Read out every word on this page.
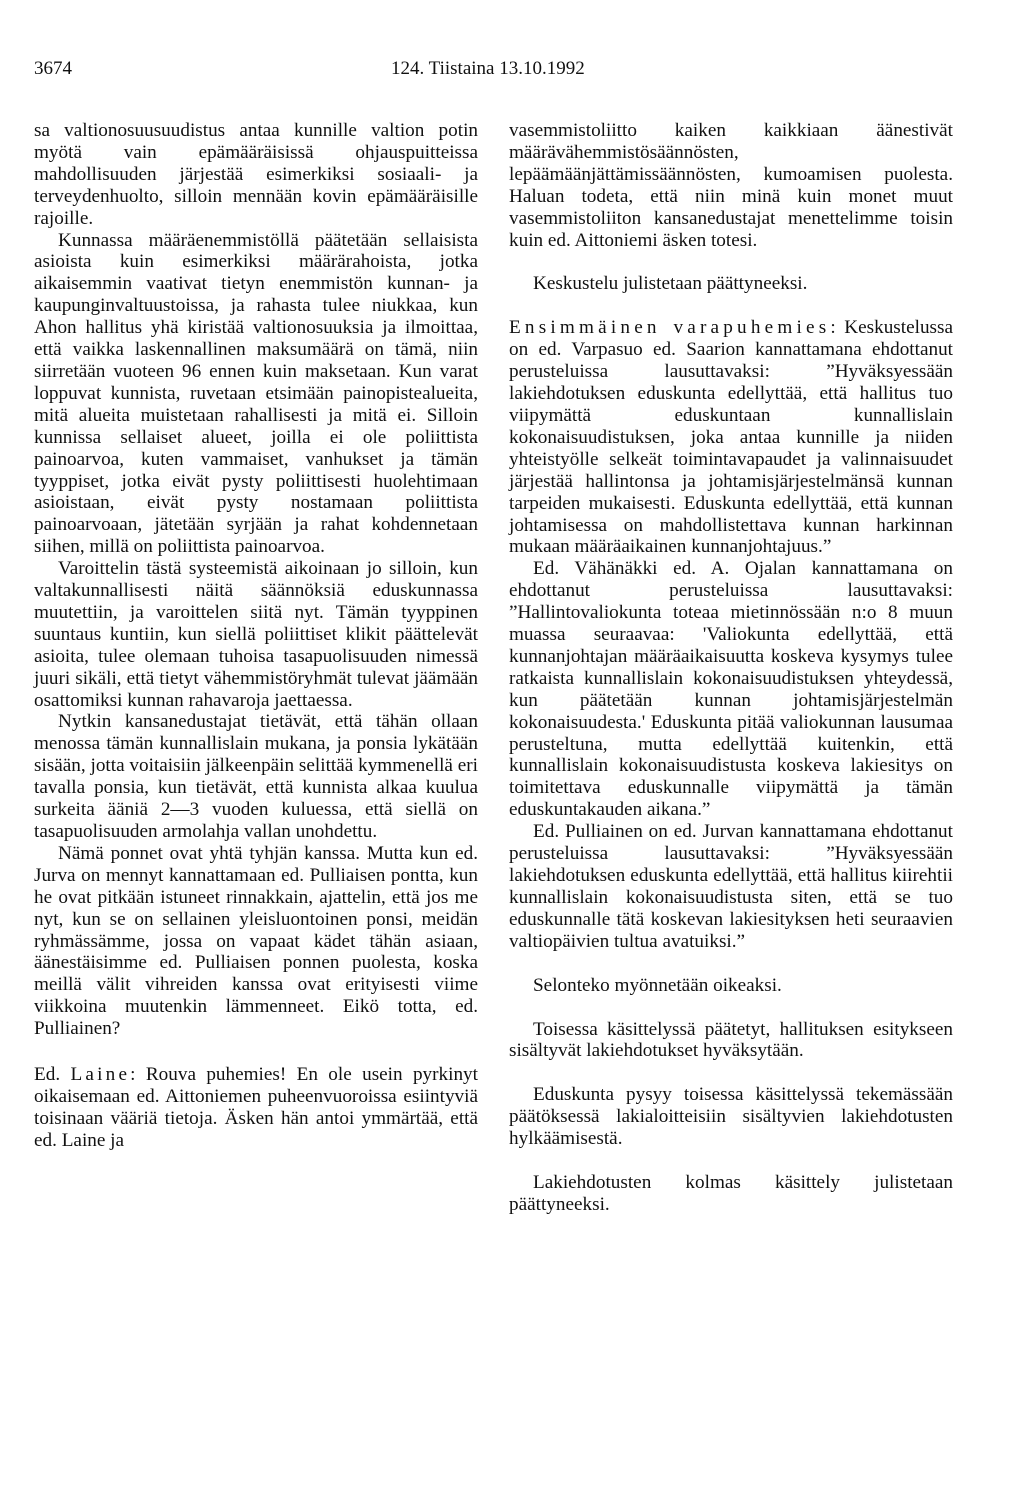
3674	124. Tiistaina 13.10.1992

sa valtionosuusuudistus antaa kunnille valtion potin myötä vain epämääräisissä ohjauspuitteissa mahdollisuuden järjestää esimerkiksi sosiaali- ja terveydenhuolto, silloin mennään kovin epämääräisille rajoille.

Kunnassa määräenemmistöllä päätetään sellaisista asioista kuin esimerkiksi määrärahoista, jotka aikaisemmin vaativat tietyn enemmistön kunnan- ja kaupunginvaltuustoissa, ja rahasta tulee niukkaa, kun Ahon hallitus yhä kiristää valtionosuuksia ja ilmoittaa, että vaikka laskennallinen maksumäärä on tämä, niin siirretään vuoteen 96 ennen kuin maksetaan. Kun varat loppuvat kunnista, ruvetaan etsimään painopistealueita, mitä alueita muistetaan rahallisesti ja mitä ei. Silloin kunnissa sellaiset alueet, joilla ei ole poliittista painoarvoa, kuten vammaiset, vanhukset ja tämän tyyppiset, jotka eivät pysty poliittisesti huolehtimaan asioistaan, eivät pysty nostamaan poliittista painoarvoaan, jätetään syrjään ja rahat kohdennetaan siihen, millä on poliittista painoarvoa.

Varoittelin tästä systeemistä aikoinaan jo silloin, kun valtakunnallisesti näitä säännöksiä eduskunnassa muutettiin, ja varoittelen siitä nyt. Tämän tyyppinen suuntaus kuntiin, kun siellä poliittiset klikit päättelevät asioita, tulee olemaan tuhoisa tasapuolisuuden nimessä juuri sikäli, että tietyt vähemmistöryhmät tulevat jäämään osattomiksi kunnan rahavaroja jaettaessa.

Nytkin kansanedustajat tietävät, että tähän ollaan menossa tämän kunnallislain mukana, ja ponsia lykätään sisään, jotta voitaisiin jälkeenpäin selittää kymmenellä eri tavalla ponsia, kun tietävät, että kunnista alkaa kuulua surkeita ääniä 2—3 vuoden kuluessa, että siellä on tasapuolisuuden armolahja vallan unohdettu.

Nämä ponnet ovat yhtä tyhjän kanssa. Mutta kun ed. Jurva on mennyt kannattamaan ed. Pulliaisen pontta, kun he ovat pitkään istuneet rinnakkain, ajattelin, että jos me nyt, kun se on sellainen yleisluontoinen ponsi, meidän ryhmässämme, jossa on vapaat kädet tähän asiaan, äänestäisimme ed. Pulliaisen ponnen puolesta, koska meillä välit vihreiden kanssa ovat erityisesti viime viikkoina muutenkin lämmenneet. Eikö totta, ed. Pulliainen?

Ed. Laine: Rouva puhemies! En ole usein pyrkinyt oikaisemaan ed. Aittoniemen puheenvuoroissa esiintyviä toisinaan vääriä tietoja. Äsken hän antoi ymmärtää, että ed. Laine ja

vasemmistoliitto kaiken kaikkiaan äänestivät määrävähemmistösäännösten, lepäämäänjättämissäännösten, kumoamisen puolesta. Haluan todeta, että niin minä kuin monet muut vasemmistoliiton kansanedustajat menettelimme toisin kuin ed. Aittoniemi äsken totesi.

Keskustelu julistetaan päättyneeksi.

Ensimmäinen varapuhemies: Keskustelussa on ed. Varpasuo ed. Saarion kannattamana ehdottanut perusteluissa lausuttavaksi: ”Hyväksyessään lakiehdotuksen eduskunta edellyttää, että hallitus tuo viipymättä eduskuntaan kunnallislain kokonaisuudistuksen, joka antaa kunnille ja niiden yhteistyölle selkeät toimintavapaudet ja valinnaisuudet järjestää hallintonsa ja johtamisjärjestelmänsä kunnan tarpeiden mukaisesti. Eduskunta edellyttää, että kunnan johtamisessa on mahdollistettava kunnan harkinnan mukaan määräaikainen kunnanjohtajuus.”

Ed. Vähänäkki ed. A. Ojalan kannattamana on ehdottanut perusteluissa lausuttavaksi: ”Hallintovaliokunta toteaa mietinnössään n:o 8 muun muassa seuraavaa: 'Valiokunta edellyttää, että kunnanjohtajan määräaikaisuutta koskeva kysymys tulee ratkaista kunnallislain kokonaisuudistuksen yhteydessä, kun päätetään kunnan johtamisjärjestelmän kokonaisuudesta.' Eduskunta pitää valiokunnan lausumaa perusteltuna, mutta edellyttää kuitenkin, että kunnallislain kokonaisuudistusta koskeva lakiesitys on toimitettava eduskunnalle viipymättä ja tämän eduskuntakauden aikana.”

Ed. Pulliainen on ed. Jurvan kannattamana ehdottanut perusteluissa lausuttavaksi: ”Hyväksyessään lakiehdotuksen eduskunta edellyttää, että hallitus kiirehtii kunnallislain kokonaisuudistusta siten, että se tuo eduskunnalle tätä koskevan lakiesityksen heti seuraavien valtiopäivien tultua avatuiksi.”

Selonteko myönnetään oikeaksi.

Toisessa käsittelyssä päätetyt, hallituksen esitykseen sisältyvät lakiehdotukset hyväksytään.

Eduskunta pysyy toisessa käsittelyssä tekemässään päätöksessä lakialoitteisiin sisältyvien lakiehdotusten hylkäämisestä.

Lakiehdotusten kolmas käsittely julistetaan päättyneeksi.
